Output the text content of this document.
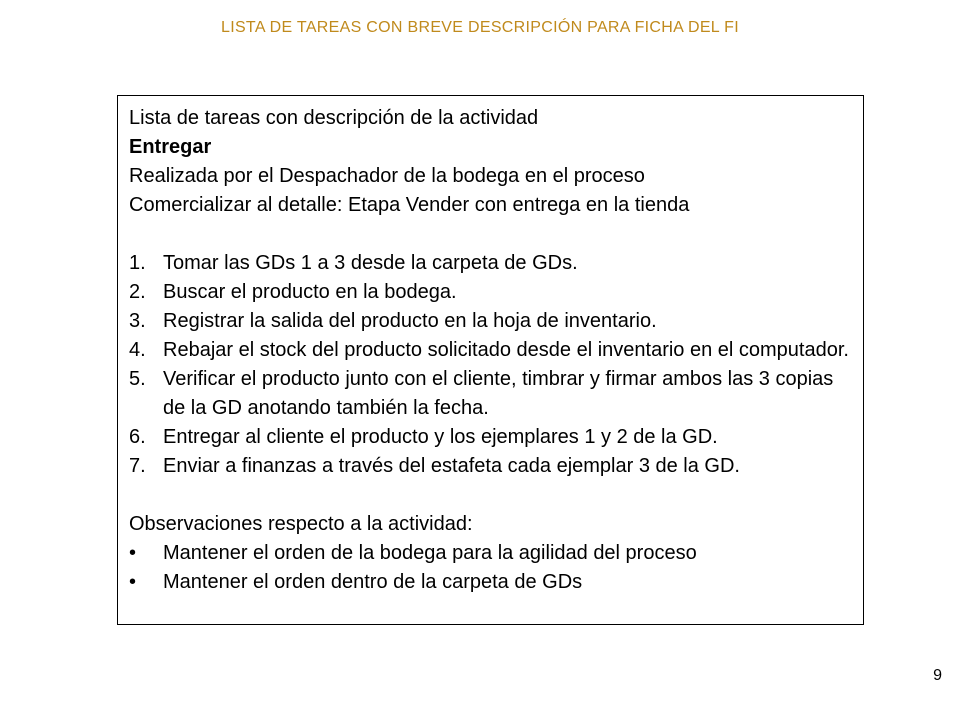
LISTA DE TAREAS CON BREVE DESCRIPCIÓN PARA FICHA DEL FI

Lista de tareas con descripción de la actividad

Entregar

Realizada por el Despachador de la bodega en el proceso

Comercializar al detalle: Etapa Vender con entrega en la tienda

1. Tomar las GDs 1 a 3 desde la carpeta de GDs.
2. Buscar el producto en la bodega.
3. Registrar la salida del producto en la hoja de inventario.
4. Rebajar el stock del producto solicitado desde el inventario en el computador.
5. Verificar el producto junto con el cliente, timbrar y firmar ambos las 3 copias de la GD anotando también la fecha.
6. Entregar al cliente el producto y los ejemplares 1 y 2 de la GD.
7. Enviar a finanzas a través del estafeta cada ejemplar 3 de la GD.

Observaciones respecto a la actividad:

•	Mantener el orden de la bodega para la agilidad del proceso
•	Mantener el orden dentro de la carpeta de GDs
9
